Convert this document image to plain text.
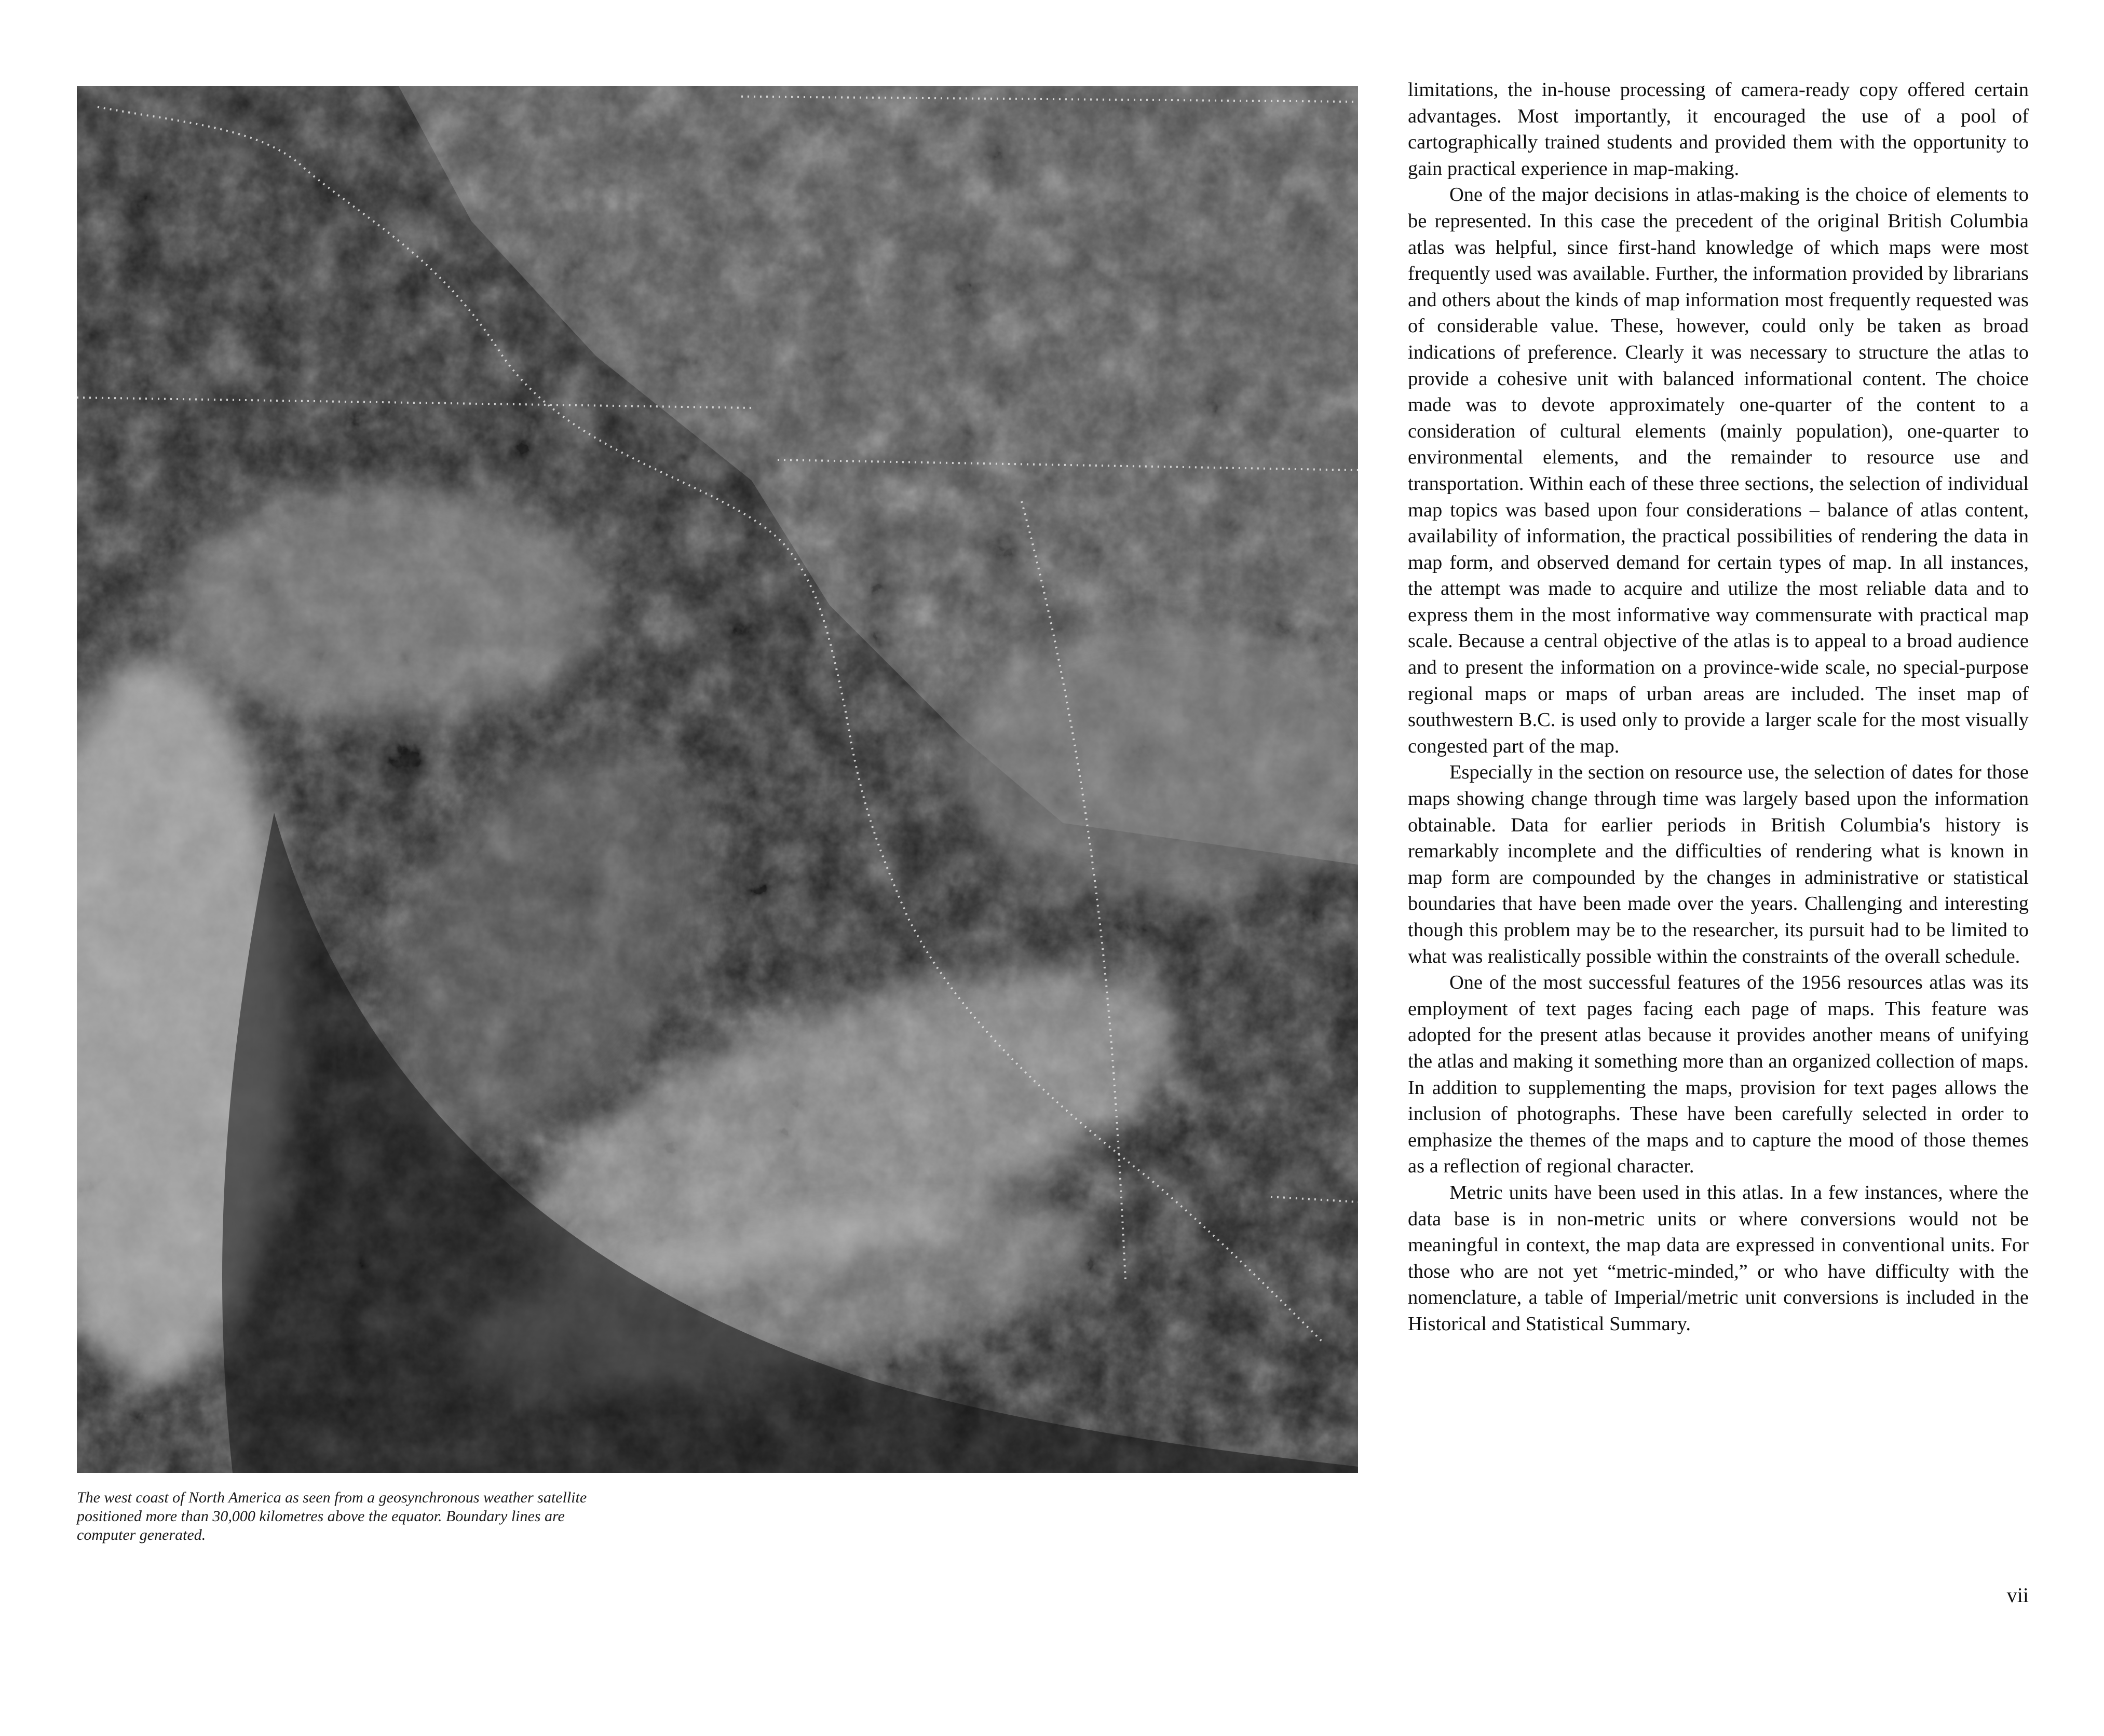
The west coast of North America as seen from a geosynchronous weather satellite positioned more than 30,000 kilometres above the equator. Boundary lines are computer generated.

limitations, the in-house processing of camera-ready copy offered certain advantages. Most importantly, it encouraged the use of a pool of cartographically trained students and provided them with the opportunity to gain practical experience in map-making.

One of the major decisions in atlas-making is the choice of elements to be represented. In this case the precedent of the original British Columbia atlas was helpful, since first-hand knowledge of which maps were most frequently used was available. Further, the information provided by librarians and others about the kinds of map information most frequently requested was of considerable value. These, however, could only be taken as broad indications of preference. Clearly it was necessary to structure the atlas to provide a cohesive unit with balanced informational content. The choice made was to devote approximately one-quarter of the content to a consideration of cultural elements (mainly population), one-quarter to environmental elements, and the remainder to resource use and transportation. Within each of these three sections, the selection of individual map topics was based upon four considerations – balance of atlas content, availability of information, the practical possibilities of rendering the data in map form, and observed demand for certain types of map. In all instances, the attempt was made to acquire and utilize the most reliable data and to express them in the most informative way commensurate with practical map scale. Because a central objective of the atlas is to appeal to a broad audience and to present the information on a province-wide scale, no special-purpose regional maps or maps of urban areas are included. The inset map of southwestern B.C. is used only to provide a larger scale for the most visually congested part of the map.

Especially in the section on resource use, the selection of dates for those maps showing change through time was largely based upon the information obtainable. Data for earlier periods in British Columbia's history is remarkably incomplete and the difficulties of rendering what is known in map form are compounded by the changes in administrative or statistical boundaries that have been made over the years. Challenging and interesting though this problem may be to the researcher, its pursuit had to be limited to what was realistically possible within the constraints of the overall schedule.

One of the most successful features of the 1956 resources atlas was its employment of text pages facing each page of maps. This feature was adopted for the present atlas because it provides another means of unifying the atlas and making it something more than an organized collection of maps. In addition to supplementing the maps, provision for text pages allows the inclusion of photographs. These have been carefully selected in order to emphasize the themes of the maps and to capture the mood of those themes as a reflection of regional character.

Metric units have been used in this atlas. In a few instances, where the data base is in non-metric units or where conversions would not be meaningful in context, the map data are expressed in conventional units. For those who are not yet “metric-minded,” or who have difficulty with the nomenclature, a table of Imperial/metric unit conversions is included in the Historical and Statistical Summary.

vii
